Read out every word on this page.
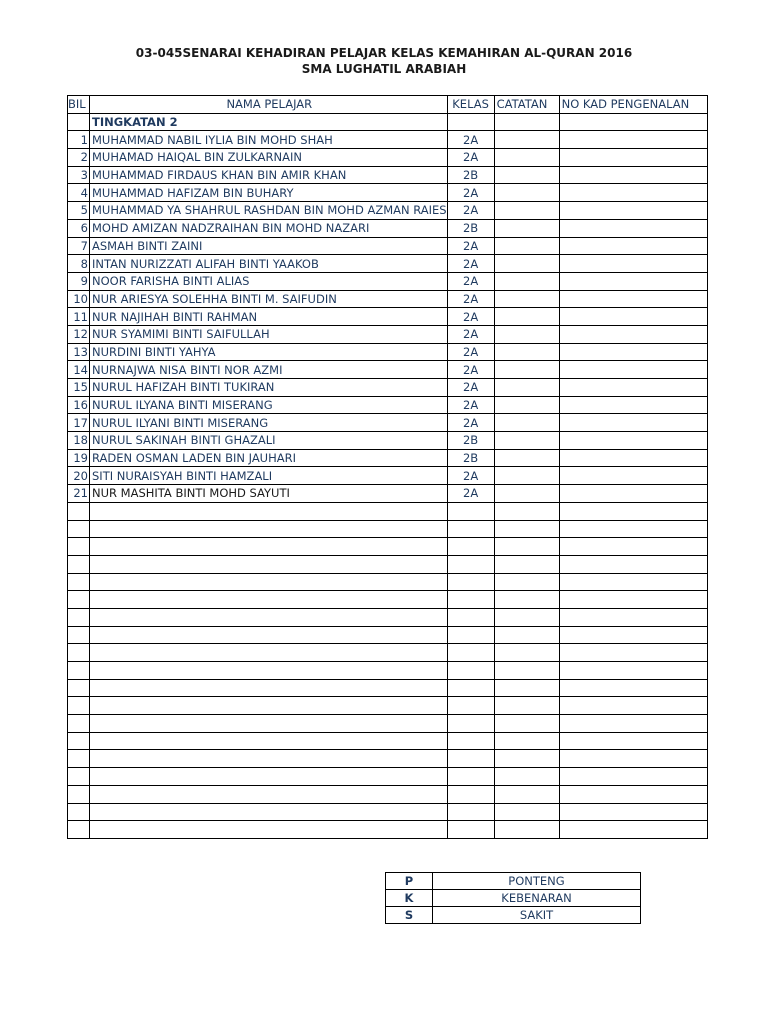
03-045SENARAI KEHADIRAN PELAJAR KELAS KEMAHIRAN AL-QURAN 2016
SMA LUGHATIL ARABIAH
BIL	NAMA PELAJAR	KELAS	CATATAN	NO KAD PENGENALAN
	TINGKATAN 2			
1	MUHAMMAD NABIL IYLIA BIN MOHD SHAH	2A		
2	MUHAMAD HAIQAL BIN ZULKARNAIN	2A		
3	MUHAMMAD FIRDAUS KHAN BIN AMIR KHAN	2B		
4	MUHAMMAD HAFIZAM BIN BUHARY	2A		
5	MUHAMMAD YA SHAHRUL RASHDAN BIN MOHD AZMAN RAIES	2A		
6	MOHD AMIZAN NADZRAIHAN BIN MOHD NAZARI	2B		
7	ASMAH BINTI ZAINI	2A		
8	INTAN NURIZZATI ALIFAH BINTI YAAKOB	2A		
9	NOOR FARISHA BINTI ALIAS	2A		
10	NUR ARIESYA SOLEHHA BINTI M. SAIFUDIN	2A		
11	NUR NAJIHAH BINTI RAHMAN	2A		
12	NUR SYAMIMI BINTI SAIFULLAH	2A		
13	NURDINI BINTI YAHYA	2A		
14	NURNAJWA NISA BINTI NOR AZMI	2A		
15	NURUL HAFIZAH BINTI TUKIRAN	2A		
16	NURUL ILYANA BINTI MISERANG	2A		
17	NURUL ILYANI BINTI MISERANG	2A		
18	NURUL SAKINAH BINTI GHAZALI	2B		
19	RADEN OSMAN LADEN BIN JAUHARI	2B		
20	SITI NURAISYAH BINTI HAMZALI	2A		
21	NUR MASHITA BINTI MOHD SAYUTI	2A		

P	PONTENG
K	KEBENARAN
S	SAKIT
